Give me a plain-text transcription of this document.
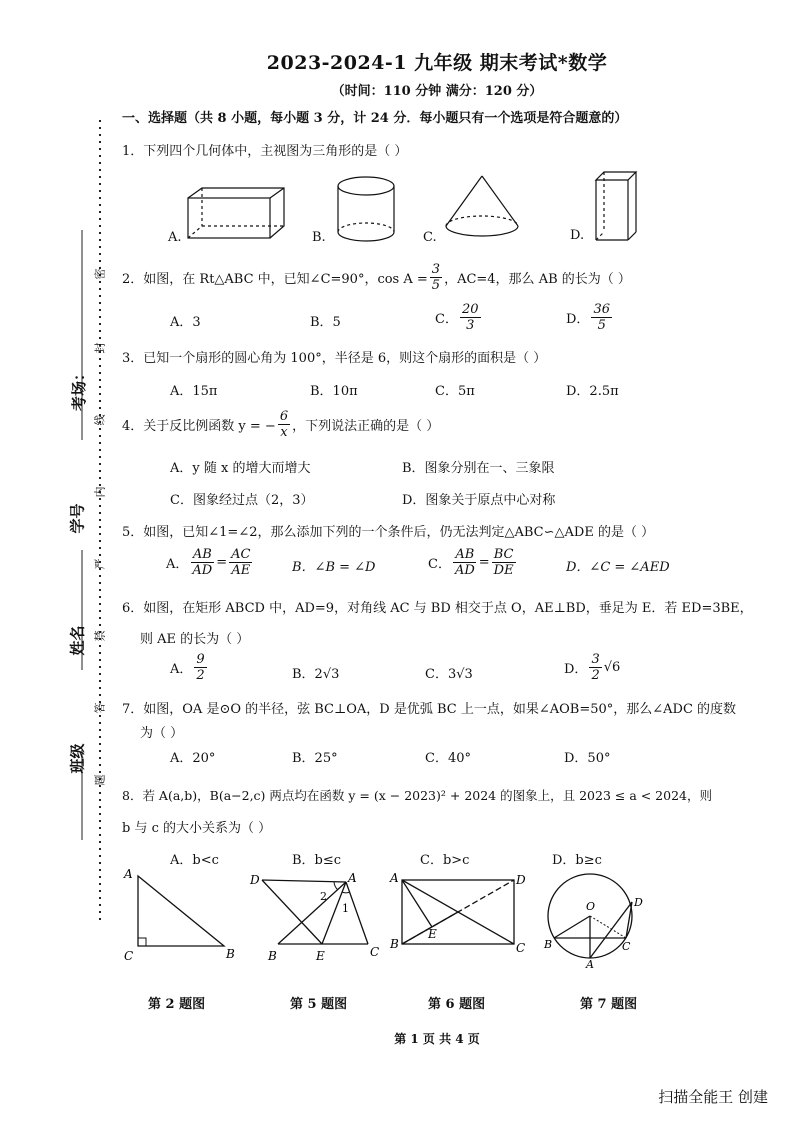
考场：
学号
姓名
班级
密
封
线
内
严
禁
答
题
2023-2024-1 九年级 期末考试*数学
（时间：110 分钟 满分：120 分）
一、选择题（共 8 小题，每小题 3 分，计 24 分．每小题只有一个选项是符合题意的）
1．下列四个几何体中，主视图为三角形的是（ ）
A.	B.	C.	D.
2．如图，在 Rt△ABC 中，已知∠C=90°，$\cos A = \frac{3}{5}$ ，AC=4，那么 AB 的长为（ ）
A．3	B．5	C． $\frac{20}{3}$	D． $\frac{36}{5}$
3．已知一个扇形的圆心角为 100°，半径是 6，则这个扇形的面积是（ ）
A．15π	B．10π	C．5π	D．2.5π
4．关于反比例函数 y = − $\frac{6}{x}$ ，下列说法正确的是（ ）
A．y 随 x 的增大而增大	B．图象分别在一、三象限
C．图象经过点（2，3）	D．图象关于原点中心对称
5．如图，已知∠1=∠2，那么添加下列的一个条件后，仍无法判定△ABC∽△ADE 的是（ ）
A． $\frac{AB}{AD} = \frac{AC}{AE}$	B．∠B = ∠D	C． $\frac{AB}{AD} = \frac{BC}{DE}$	D．∠C = ∠AED
6．如图，在矩形 ABCD 中，AD=9，对角线 AC 与 BD 相交于点 O，AE⊥BD，垂足为 E．若 ED=3BE，
则 AE 的长为（ ）
A． $\frac{9}{2}$	B．2√3	C．3√3	D． $\frac{3}{2} √6$
7．如图，OA 是⊙O 的半径，弦 BC⊥OA，D 是优弧 BC 上一点，如果∠AOB=50°，那么∠ADC 的度数
为（ ）
A．20°	B．25°	C．40°	D．50°
8．若 A(a,b)，B(a−2,c) 两点均在函数 y = (x − 2023)² + 2024 的图象上，且 2023 ≤ a < 2024，则
b 与 c 的大小关系为（ ）
A．b<c	B．b≤c	C．b>c	D．b≥c
A
C	B
D	A
2
1
B	E	C
A	D
B
E
C
O	D
B	C
A
第 2 题图	第 5 题图	第 6 题图	第 7 题图
第 1 页 共 4 页
扫描全能王 创建
